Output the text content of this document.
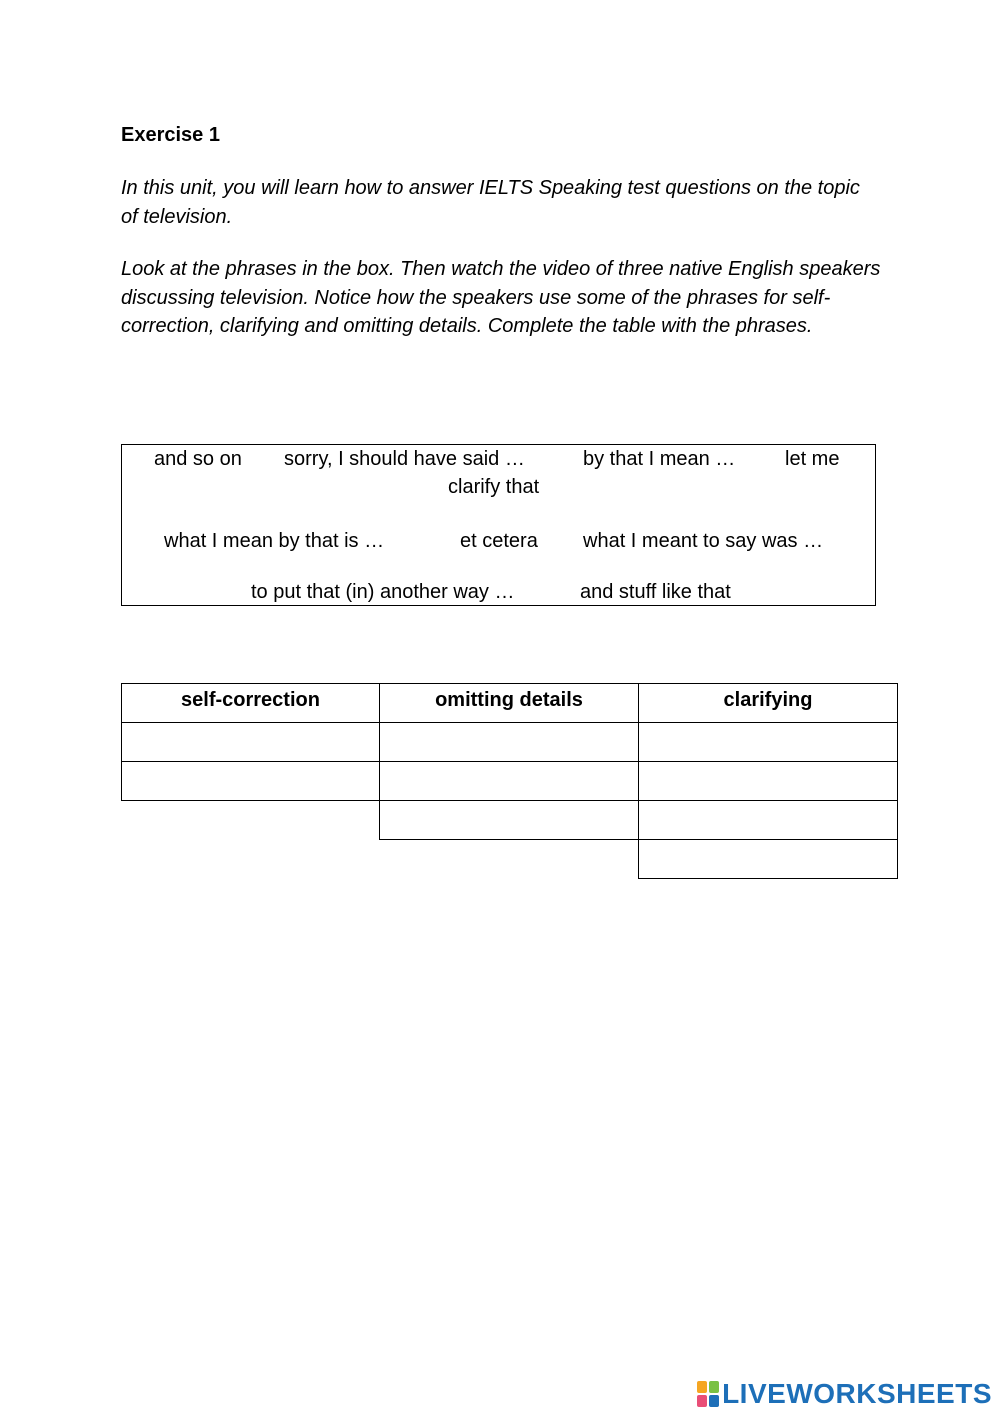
Exercise 1
In this unit, you will learn how to answer IELTS Speaking test questions on the topic of television.
Look at the phrases in the box. Then watch the video of three native English speakers discussing television. Notice how the speakers use some of the phrases for self-correction, clarifying and omitting details. Complete the table with the phrases.
and so on sorry, I should have said …	by that I mean … let me
clarify that
what I mean by that is …	et cetera what I meant to say was …
to put that (in) another way …	and stuff like that
self-correction	omitting details	clarifying
LIVEWORKSHEETS
